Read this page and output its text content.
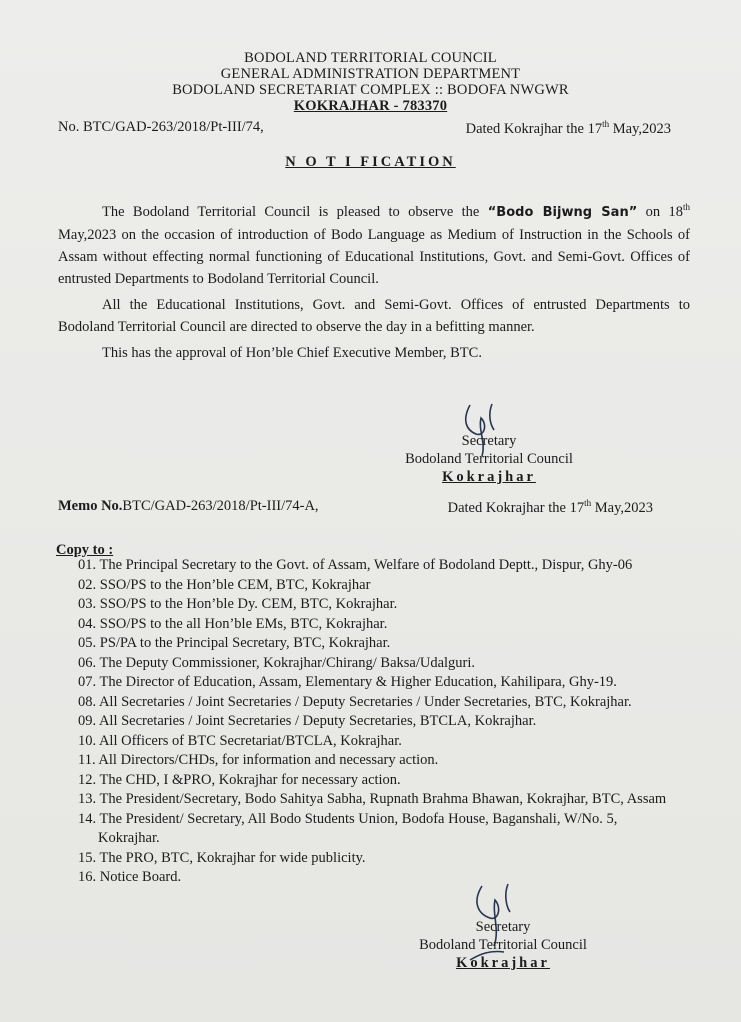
BODOLAND TERRITORIAL COUNCIL
GENERAL ADMINISTRATION DEPARTMENT
BODOLAND SECRETARIAT COMPLEX :: BODOFA NWGWR
KOKRAJHAR - 783370
No. BTC/GAD-263/2018/Pt-III/74,	Dated Kokrajhar the 17th May,2023
N O T I FICATION

The Bodoland Territorial Council is pleased to observe the “Bodo Bijwng San” on 18th May,2023 on the occasion of introduction of Bodo Language as Medium of Instruction in the Schools of Assam without effecting normal functioning of Educational Institutions, Govt. and Semi-Govt. Offices of entrusted Departments to Bodoland Territorial Council.

All the Educational Institutions, Govt. and Semi-Govt. Offices of entrusted Departments to Bodoland Territorial Council are directed to observe the day in a befitting manner.

This has the approval of Hon’ble Chief Executive Member, BTC.

Secretary
Bodoland Territorial Council
Kokrajhar
Memo No.BTC/GAD-263/2018/Pt-III/74-A,	Dated Kokrajhar the 17th May,2023
Copy to :
01. The Principal Secretary to the Govt. of Assam, Welfare of Bodoland Deptt., Dispur, Ghy-06
02. SSO/PS to the Hon’ble CEM, BTC, Kokrajhar
03. SSO/PS to the Hon’ble Dy. CEM, BTC, Kokrajhar.
04. SSO/PS to the all Hon’ble EMs, BTC, Kokrajhar.
05. PS/PA to the Principal Secretary, BTC, Kokrajhar.
06. The Deputy Commissioner, Kokrajhar/Chirang/ Baksa/Udalguri.
07. The Director of Education, Assam, Elementary & Higher Education, Kahilipara, Ghy-19.
08. All Secretaries / Joint Secretaries / Deputy Secretaries / Under Secretaries, BTC, Kokrajhar.
09. All Secretaries / Joint Secretaries / Deputy Secretaries, BTCLA, Kokrajhar.
10. All Officers of BTC Secretariat/BTCLA, Kokrajhar.
11. All Directors/CHDs, for information and necessary action.
12. The CHD, I &PRO, Kokrajhar for necessary action.
13. The President/Secretary, Bodo Sahitya Sabha, Rupnath Brahma Bhawan, Kokrajhar, BTC, Assam
14. The President/ Secretary, All Bodo Students Union, Bodofa House, Baganshali, W/No. 5,
Kokrajhar.
15. The PRO, BTC, Kokrajhar for wide publicity.
16. Notice Board.
Secretary
Bodoland Territorial Council
Kokrajhar
